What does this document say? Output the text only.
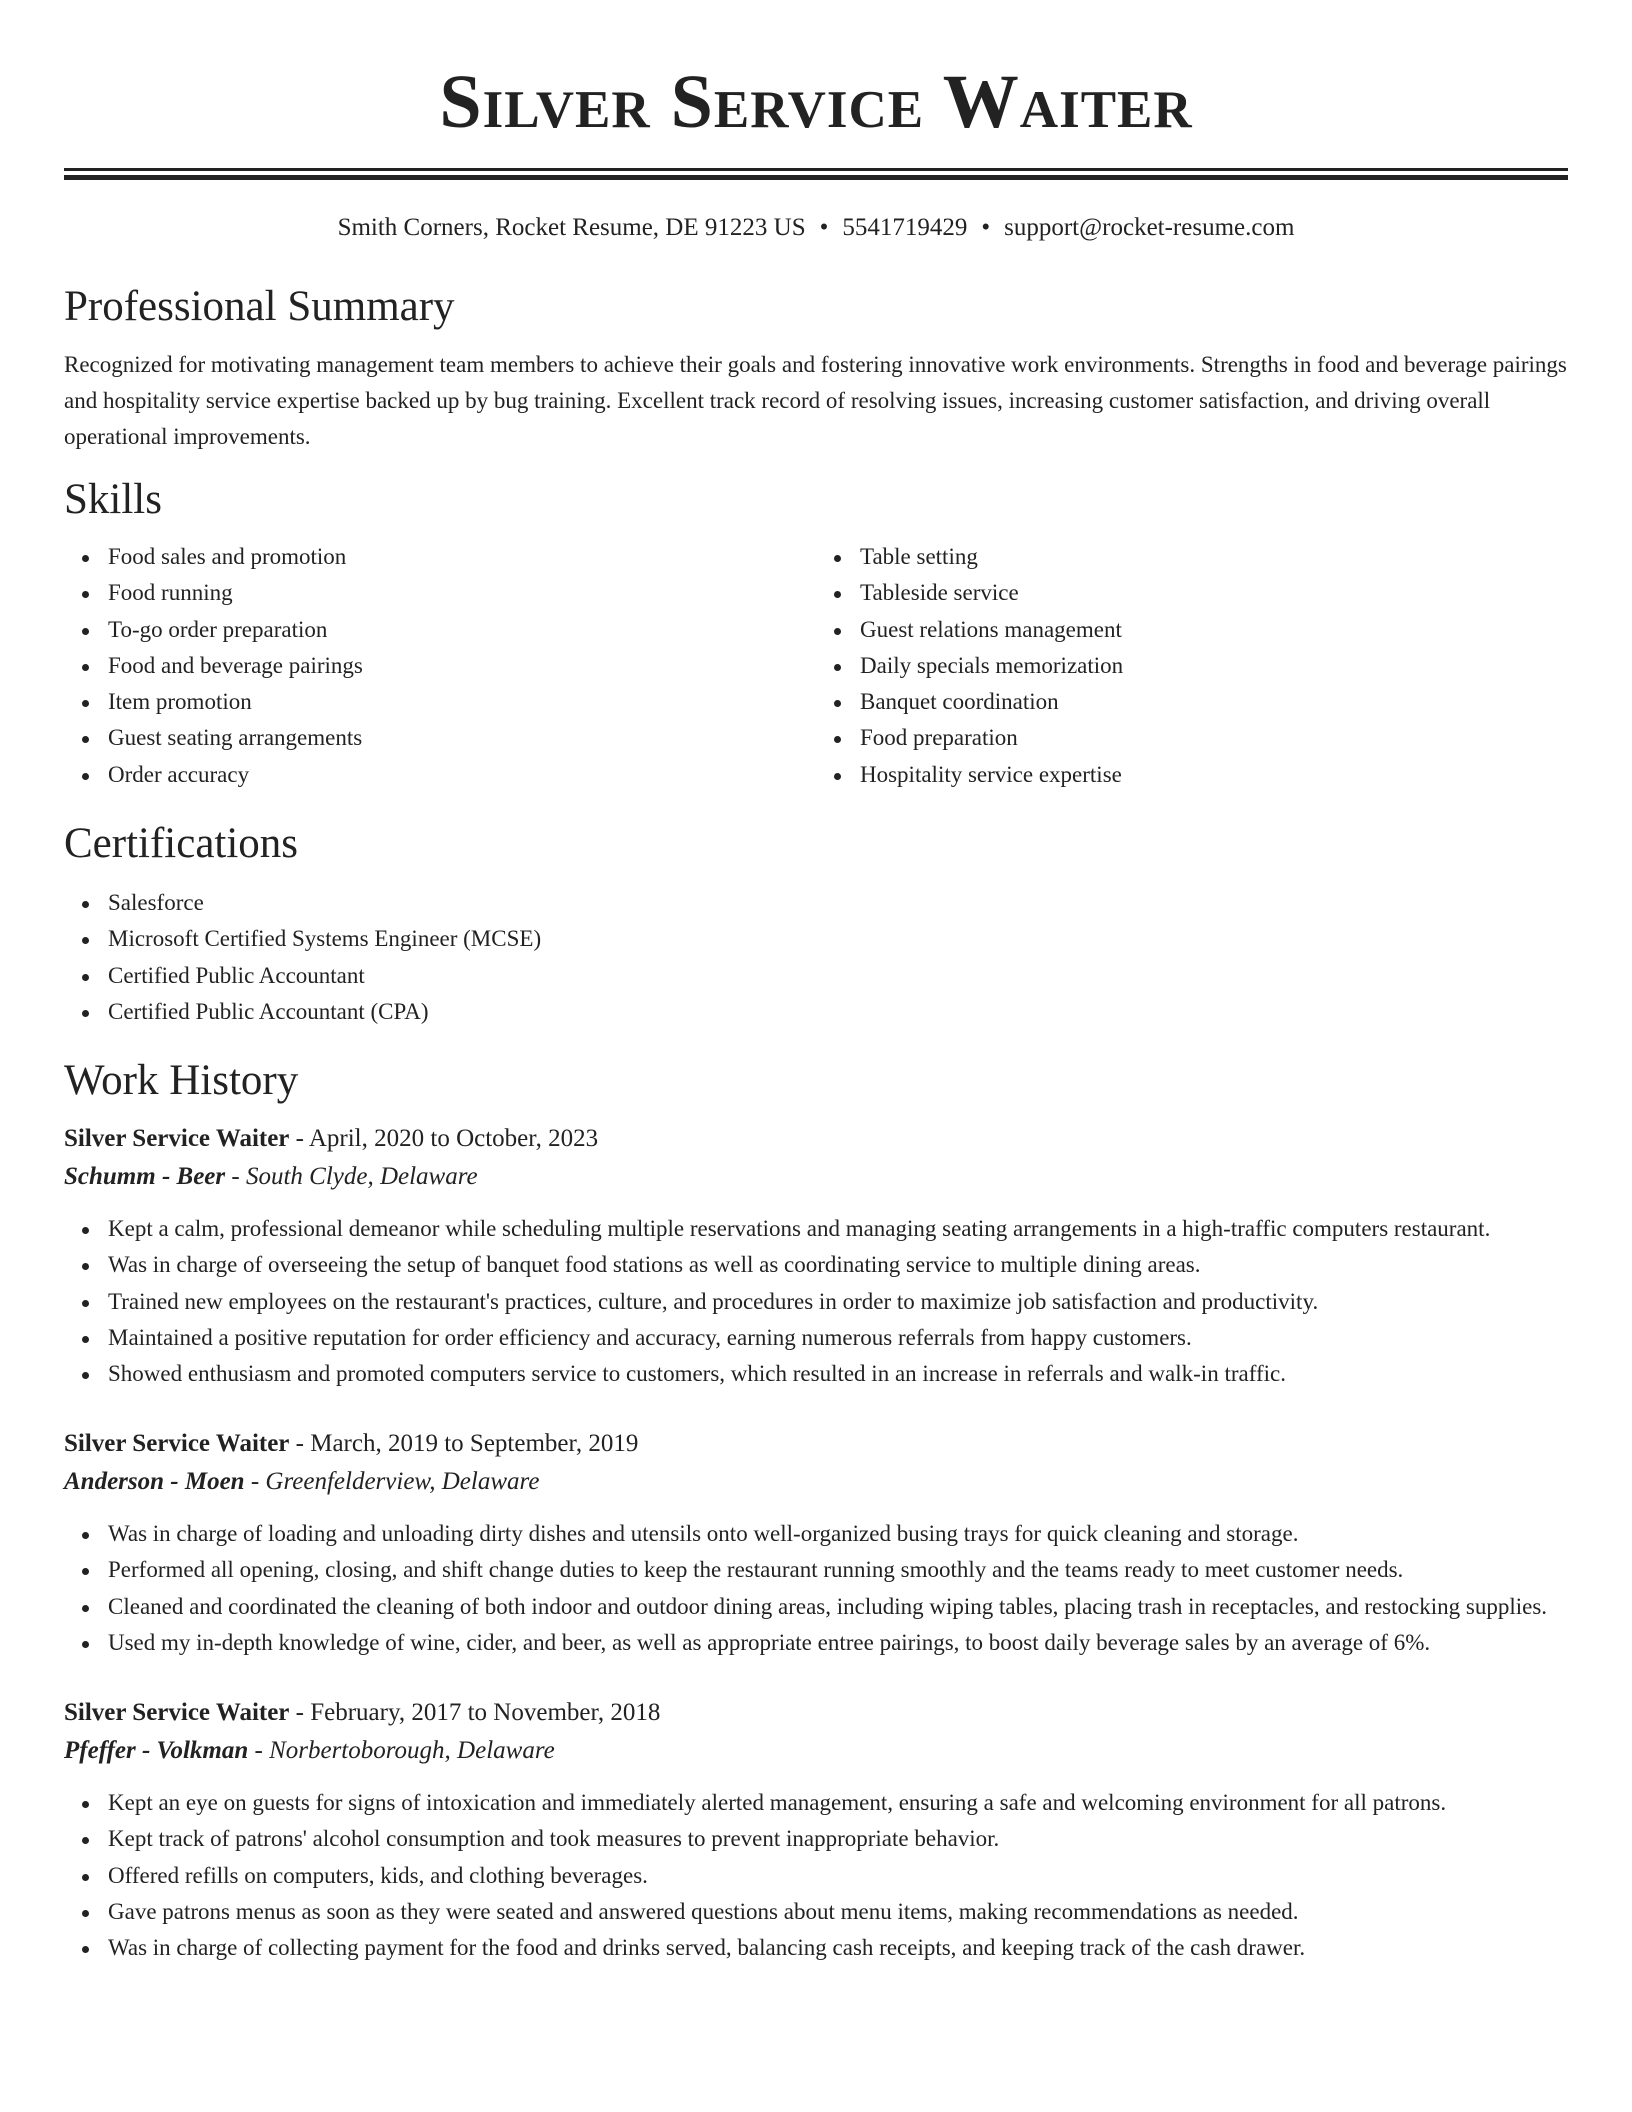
Silver Service Waiter
Smith Corners, Rocket Resume, DE 91223 US • 5541719429 • support@rocket-resume.com
Professional Summary

Recognized for motivating management team members to achieve their goals and fostering innovative work environments. Strengths in food and beverage pairings and hospitality service expertise backed up by bug training. Excellent track record of resolving issues, increasing customer satisfaction, and driving overall operational improvements.

Skills
Food sales and promotion
Food running
To-go order preparation
Food and beverage pairings
Item promotion
Guest seating arrangements
Order accuracy
Table setting
Tableside service
Guest relations management
Daily specials memorization
Banquet coordination
Food preparation
Hospitality service expertise
Certifications
Salesforce
Microsoft Certified Systems Engineer (MCSE)
Certified Public Accountant
Certified Public Accountant (CPA)
Work History
Silver Service Waiter - April, 2020 to October, 2023
Schumm - Beer - South Clyde, Delaware
Kept a calm, professional demeanor while scheduling multiple reservations and managing seating arrangements in a high-traffic computers restaurant.
Was in charge of overseeing the setup of banquet food stations as well as coordinating service to multiple dining areas.
Trained new employees on the restaurant's practices, culture, and procedures in order to maximize job satisfaction and productivity.
Maintained a positive reputation for order efficiency and accuracy, earning numerous referrals from happy customers.
Showed enthusiasm and promoted computers service to customers, which resulted in an increase in referrals and walk-in traffic.
Silver Service Waiter - March, 2019 to September, 2019
Anderson - Moen - Greenfelderview, Delaware
Was in charge of loading and unloading dirty dishes and utensils onto well-organized busing trays for quick cleaning and storage.
Performed all opening, closing, and shift change duties to keep the restaurant running smoothly and the teams ready to meet customer needs.
Cleaned and coordinated the cleaning of both indoor and outdoor dining areas, including wiping tables, placing trash in receptacles, and restocking supplies.
Used my in-depth knowledge of wine, cider, and beer, as well as appropriate entree pairings, to boost daily beverage sales by an average of 6%.
Silver Service Waiter - February, 2017 to November, 2018
Pfeffer - Volkman - Norbertoborough, Delaware
Kept an eye on guests for signs of intoxication and immediately alerted management, ensuring a safe and welcoming environment for all patrons.
Kept track of patrons' alcohol consumption and took measures to prevent inappropriate behavior.
Offered refills on computers, kids, and clothing beverages.
Gave patrons menus as soon as they were seated and answered questions about menu items, making recommendations as needed.
Was in charge of collecting payment for the food and drinks served, balancing cash receipts, and keeping track of the cash drawer.
